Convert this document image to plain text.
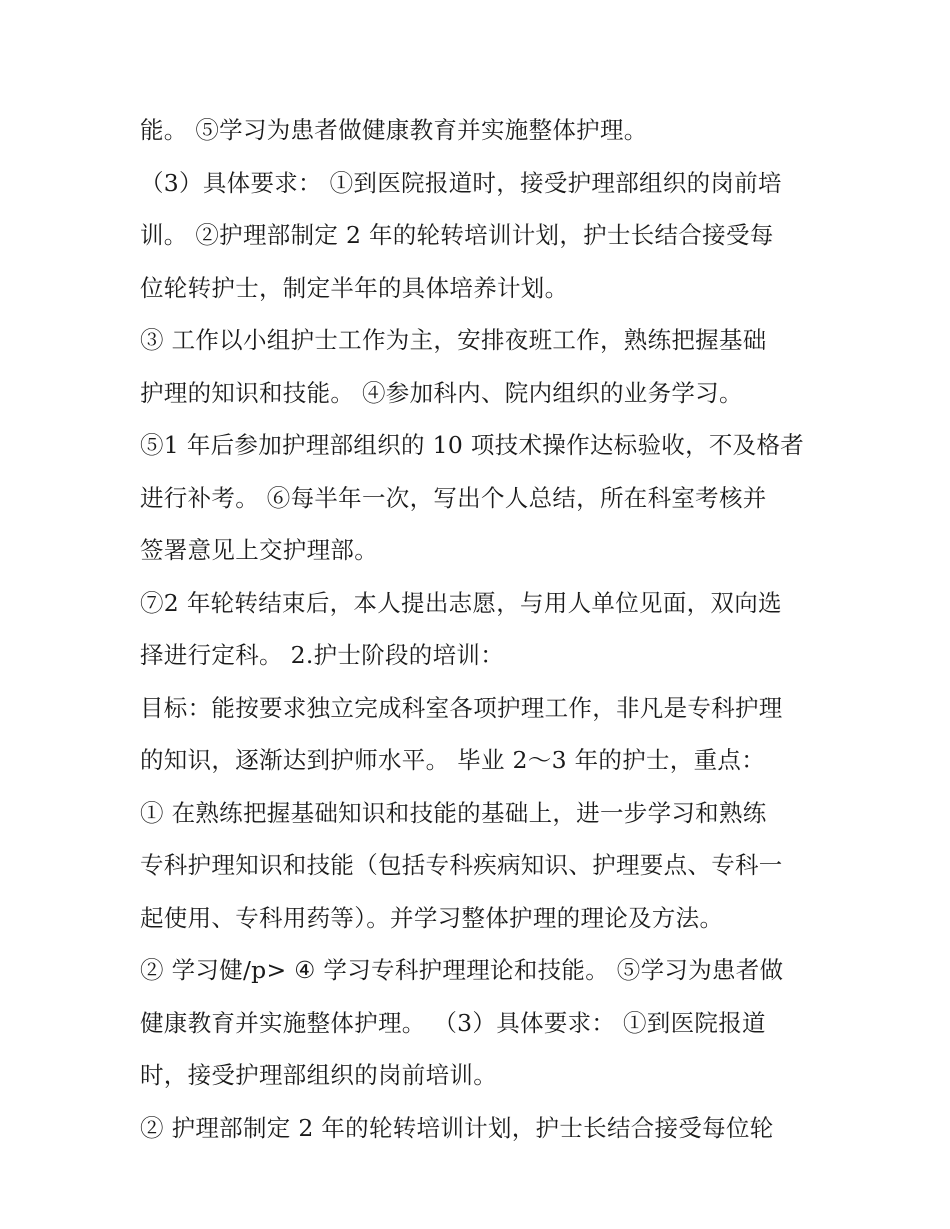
能。 ⑤学习为患者做健康教育并实施整体护理。
（3）具体要求： ①到医院报道时，接受护理部组织的岗前培
训。 ②护理部制定 2 年的轮转培训计划，护士长结合接受每
位轮转护士，制定半年的具体培养计划。
③ 工作以小组护士工作为主，安排夜班工作，熟练把握基础
护理的知识和技能。 ④参加科内、院内组织的业务学习。
⑤1 年后参加护理部组织的 10 项技术操作达标验收，不及格者
进行补考。 ⑥每半年一次，写出个人总结，所在科室考核并
签署意见上交护理部。
⑦2 年轮转结束后，本人提出志愿，与用人单位见面，双向选
择进行定科。 2.护士阶段的培训：
目标：能按要求独立完成科室各项护理工作，非凡是专科护理
的知识，逐渐达到护师水平。 毕业 2～3 年的护士，重点：
① 在熟练把握基础知识和技能的基础上，进一步学习和熟练
专科护理知识和技能（包括专科疾病知识、护理要点、专科一
起使用、专科用药等）。并学习整体护理的理论及方法。
② 学习健/p> ④ 学习专科护理理论和技能。 ⑤学习为患者做
健康教育并实施整体护理。 （3）具体要求： ①到医院报道
时，接受护理部组织的岗前培训。
② 护理部制定 2 年的轮转培训计划，护士长结合接受每位轮
